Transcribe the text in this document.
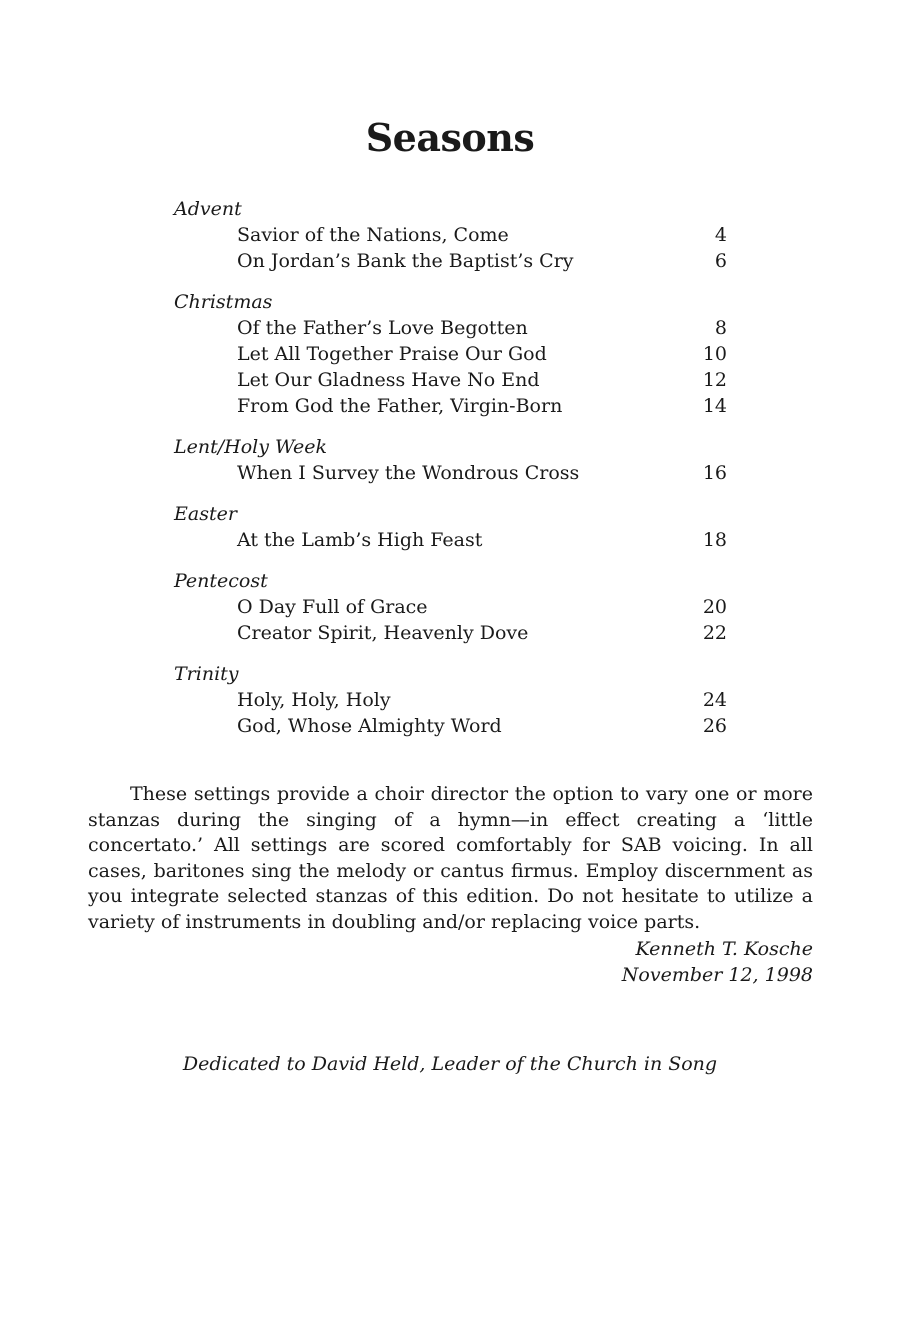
Seasons
Advent
Savior of the Nations, Come	4
On Jordan’s Bank the Baptist’s Cry	6
Christmas
Of the Father’s Love Begotten	8
Let All Together Praise Our God	10
Let Our Gladness Have No End	12
From God the Father, Virgin-Born	14
Lent/Holy Week
When I Survey the Wondrous Cross	16
Easter
At the Lamb’s High Feast	18
Pentecost
O Day Full of Grace	20
Creator Spirit, Heavenly Dove	22
Trinity
Holy, Holy, Holy	24
God, Whose Almighty Word	26

These settings provide a choir director the option to vary one or more stanzas during the singing of a hymn—in effect creating a ‘little concertato.’ All settings are scored comfortably for SAB voicing. In all cases, baritones sing the melody or cantus firmus. Employ discernment as you integrate selected stanzas of this edition. Do not hesitate to utilize a variety of instruments in doubling and/or replacing voice parts.

Kenneth T. Kosche
November 12, 1998
Dedicated to David Held, Leader of the Church in Song
